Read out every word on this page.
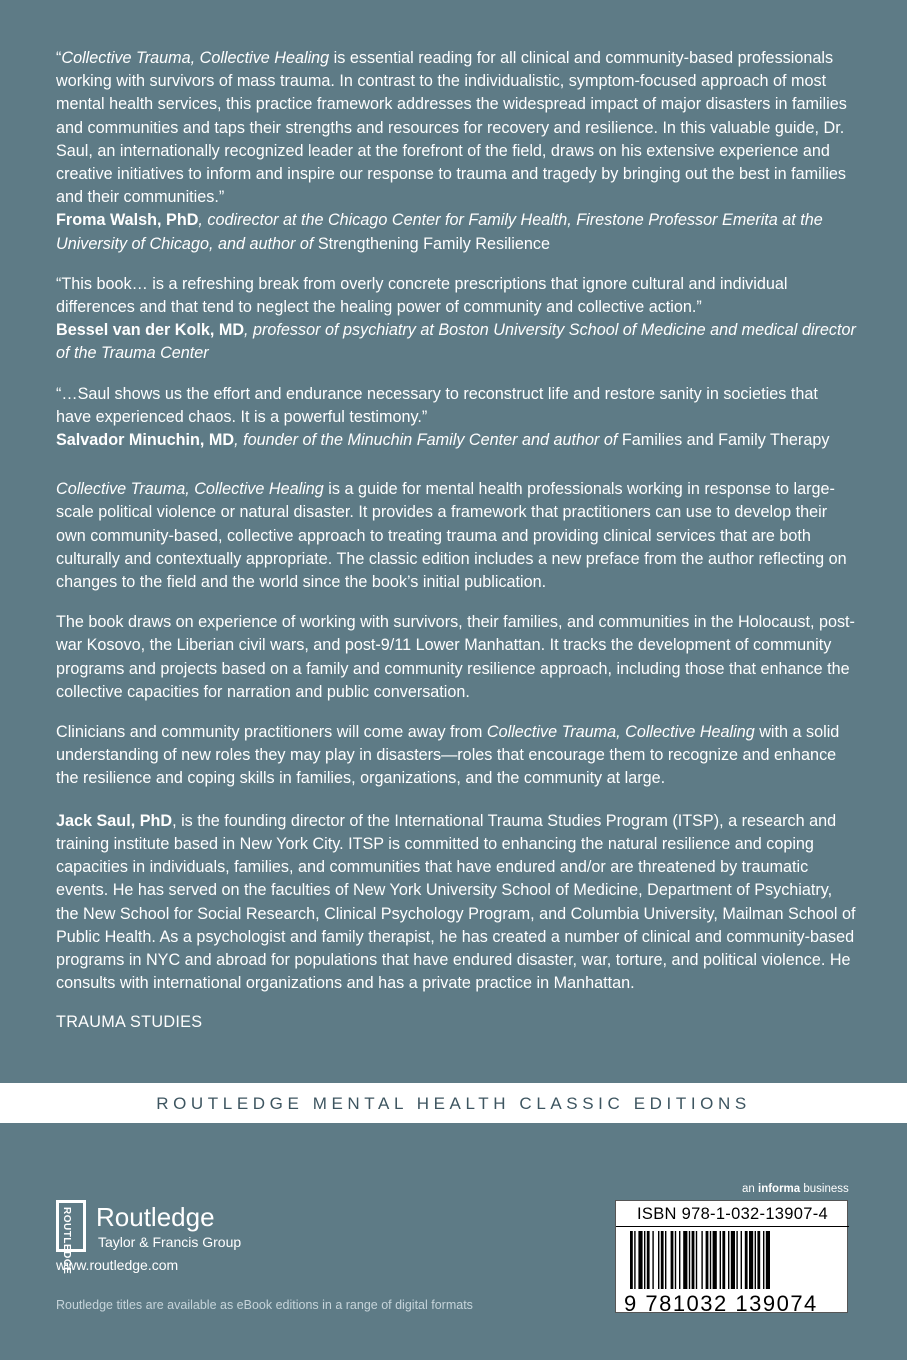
“Collective Trauma, Collective Healing is essential reading for all clinical and community-based professionals working with survivors of mass trauma. In contrast to the individualistic, symptom-focused approach of most mental health services, this practice framework addresses the widespread impact of major disasters in families and communities and taps their strengths and resources for recovery and resilience. In this valuable guide, Dr. Saul, an internationally recognized leader at the forefront of the field, draws on his extensive experience and creative initiatives to inform and inspire our response to trauma and tragedy by bringing out the best in families and their communities.”
Froma Walsh, PhD, codirector at the Chicago Center for Family Health, Firestone Professor Emerita at the University of Chicago, and author of Strengthening Family Resilience

“This book… is a refreshing break from overly concrete prescriptions that ignore cultural and individual differences and that tend to neglect the healing power of community and collective action.”
Bessel van der Kolk, MD, professor of psychiatry at Boston University School of Medicine and medical director of the Trauma Center

“…Saul shows us the effort and endurance necessary to reconstruct life and restore sanity in societies that have experienced chaos. It is a powerful testimony.”
Salvador Minuchin, MD, founder of the Minuchin Family Center and author of Families and Family Therapy

Collective Trauma, Collective Healing is a guide for mental health professionals working in response to large-scale political violence or natural disaster. It provides a framework that practitioners can use to develop their own community-based, collective approach to treating trauma and providing clinical services that are both culturally and contextually appropriate. The classic edition includes a new preface from the author reflecting on changes to the field and the world since the book’s initial publication.

The book draws on experience of working with survivors, their families, and communities in the Holocaust, post-war Kosovo, the Liberian civil wars, and post-9/11 Lower Manhattan. It tracks the development of community programs and projects based on a family and community resilience approach, including those that enhance the collective capacities for narration and public conversation.

Clinicians and community practitioners will come away from Collective Trauma, Collective Healing with a solid understanding of new roles they may play in disasters—roles that encourage them to recognize and enhance the resilience and coping skills in families, organizations, and the community at large.

Jack Saul, PhD, is the founding director of the International Trauma Studies Program (ITSP), a research and training institute based in New York City. ITSP is committed to enhancing the natural resilience and coping capacities in individuals, families, and communities that have endured and/or are threatened by traumatic events. He has served on the faculties of New York University School of Medicine, Department of Psychiatry, the New School for Social Research, Clinical Psychology Program, and Columbia University, Mailman School of Public Health. As a psychologist and family therapist, he has created a number of clinical and community-based programs in NYC and abroad for populations that have endured disaster, war, torture, and political violence. He consults with international organizations and has a private practice in Manhattan.

TRAUMA STUDIES

ROUTLEDGE MENTAL HEALTH CLASSIC EDITIONS
ROUTLEDGE Routledge
Taylor & Francis Group
www.routledge.com
Routledge titles are available as eBook editions in a range of digital formats
an informa business
ISBN 978-1-032-13907-4
9 781032 139074
